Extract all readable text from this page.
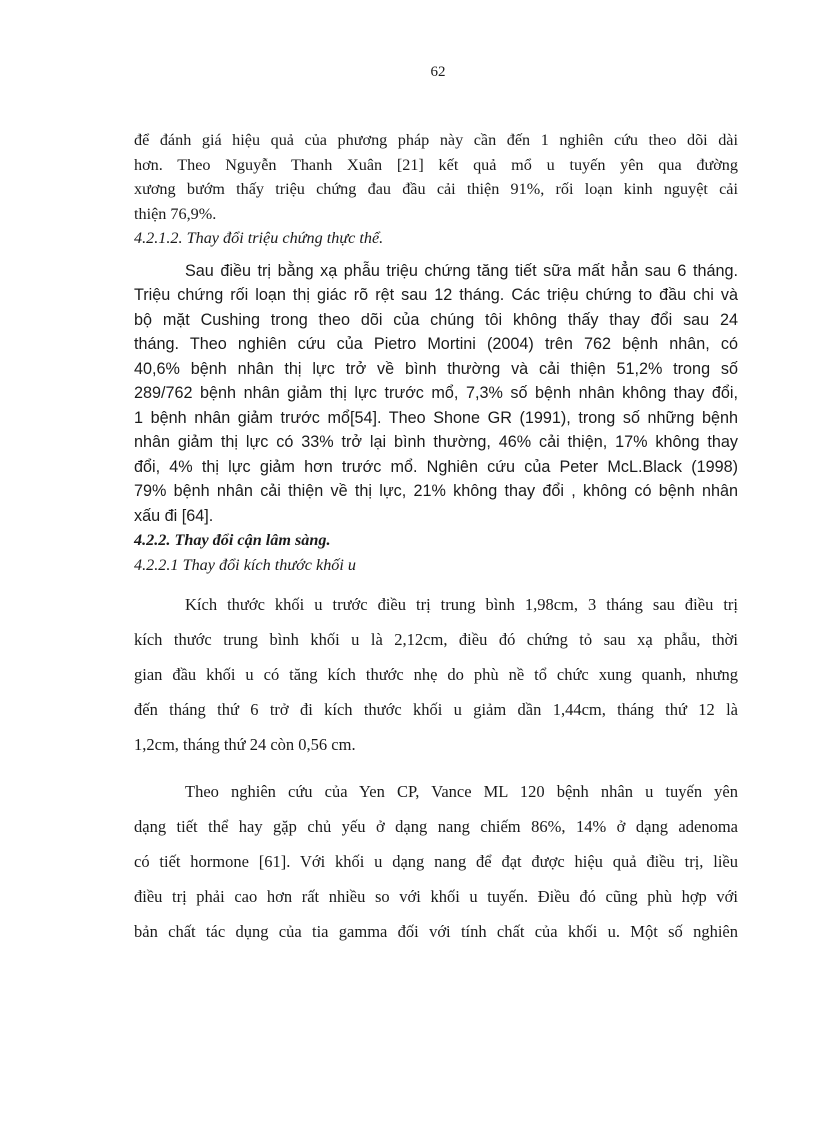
62
để đánh giá hiệu quả của phương pháp này cần đến 1 nghiên cứu theo dõi dài
hơn. Theo Nguyễn Thanh Xuân [21] kết quả mổ u tuyến yên qua đường
xương bướm thấy triệu chứng đau đầu cải thiện 91%, rối loạn kinh nguyệt cải
thiện 76,9%.
4.2.1.2. Thay đổi triệu chứng thực thể.
Sau điều trị bằng xạ phẫu triệu chứng tăng tiết sữa mất hẳn sau 6 tháng.
Triệu chứng rối loạn thị giác rõ rệt sau 12 tháng. Các triệu chứng to đầu chi và
bộ mặt Cushing trong theo dõi của chúng tôi không thấy thay đổi sau 24
tháng. Theo nghiên cứu của Pietro Mortini (2004) trên 762 bệnh nhân, có
40,6% bệnh nhân thị lực trở về bình thường và cải thiện 51,2% trong số
289/762 bệnh nhân giảm thị lực trước mổ, 7,3% số bệnh nhân không thay đổi,
1 bệnh nhân giảm trước mổ[54]. Theo Shone GR (1991), trong số những bệnh
nhân giảm thị lực có 33% trở lại bình thường, 46% cải thiện, 17% không thay
đổi, 4% thị lực giảm hơn trước mổ. Nghiên cứu của Peter McL.Black (1998)
79% bệnh nhân cải thiện về thị lực, 21% không thay đổi , không có bệnh nhân
xấu đi [64].
4.2.2. Thay đổi cận lâm sàng.
4.2.2.1 Thay đổi kích thước khối u
Kích thước khối u trước điều trị trung bình 1,98cm, 3 tháng sau điều trị
kích thước trung bình khối u là 2,12cm, điều đó chứng tỏ sau xạ phẫu, thời
gian đầu khối u có tăng kích thước nhẹ do phù nề tổ chức xung quanh, nhưng
đến tháng thứ 6 trở đi kích thước khối u giảm dần 1,44cm, tháng thứ 12 là
1,2cm, tháng thứ 24 còn 0,56 cm.
Theo nghiên cứu của Yen CP, Vance ML 120 bệnh nhân u tuyến yên
dạng tiết thể hay gặp chủ yếu ở dạng nang chiếm 86%, 14% ở dạng adenoma
có tiết hormone [61]. Với khối u dạng nang để đạt được hiệu quả điều trị, liều
điều trị phải cao hơn rất nhiều so với khối u tuyến. Điều đó cũng phù hợp với
bản chất tác dụng của tia gamma đối với tính chất của khối u. Một số nghiên
